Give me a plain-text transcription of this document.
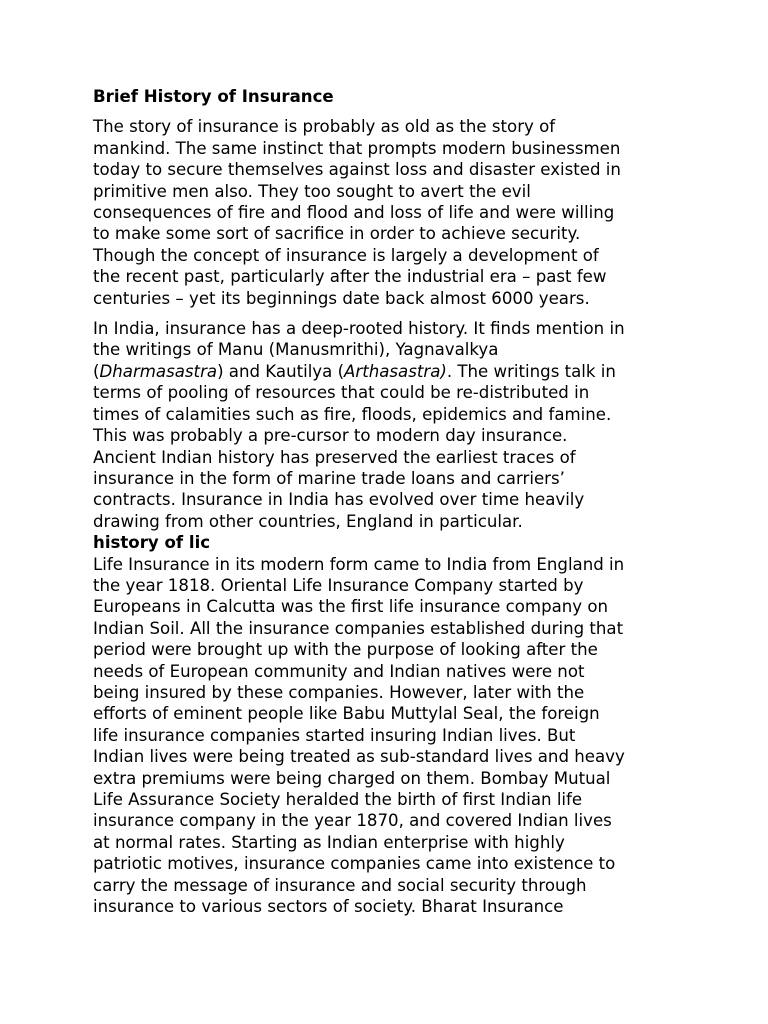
Brief History of Insurance

The story of insurance is probably as old as the story of
mankind. The same instinct that prompts modern businessmen
today to secure themselves against loss and disaster existed in
primitive men also. They too sought to avert the evil
consequences of fire and flood and loss of life and were willing
to make some sort of sacrifice in order to achieve security.
Though the concept of insurance is largely a development of
the recent past, particularly after the industrial era – past few
centuries – yet its beginnings date back almost 6000 years.

In India, insurance has a deep-rooted history. It finds mention in
the writings of Manu (Manusmrithi), Yagnavalkya
(Dharmasastra) and Kautilya (Arthasastra). The writings talk in
terms of pooling of resources that could be re-distributed in
times of calamities such as fire, floods, epidemics and famine.
This was probably a pre-cursor to modern day insurance.
Ancient Indian history has preserved the earliest traces of
insurance in the form of marine trade loans and carriers’
contracts. Insurance in India has evolved over time heavily
drawing from other countries, England in particular.

history of lic

Life Insurance in its modern form came to India from England in
the year 1818. Oriental Life Insurance Company started by
Europeans in Calcutta was the first life insurance company on
Indian Soil. All the insurance companies established during that
period were brought up with the purpose of looking after the
needs of European community and Indian natives were not
being insured by these companies. However, later with the
efforts of eminent people like Babu Muttylal Seal, the foreign
life insurance companies started insuring Indian lives. But
Indian lives were being treated as sub-standard lives and heavy
extra premiums were being charged on them. Bombay Mutual
Life Assurance Society heralded the birth of first Indian life
insurance company in the year 1870, and covered Indian lives
at normal rates. Starting as Indian enterprise with highly
patriotic motives, insurance companies came into existence to
carry the message of insurance and social security through
insurance to various sectors of society. Bharat Insurance
